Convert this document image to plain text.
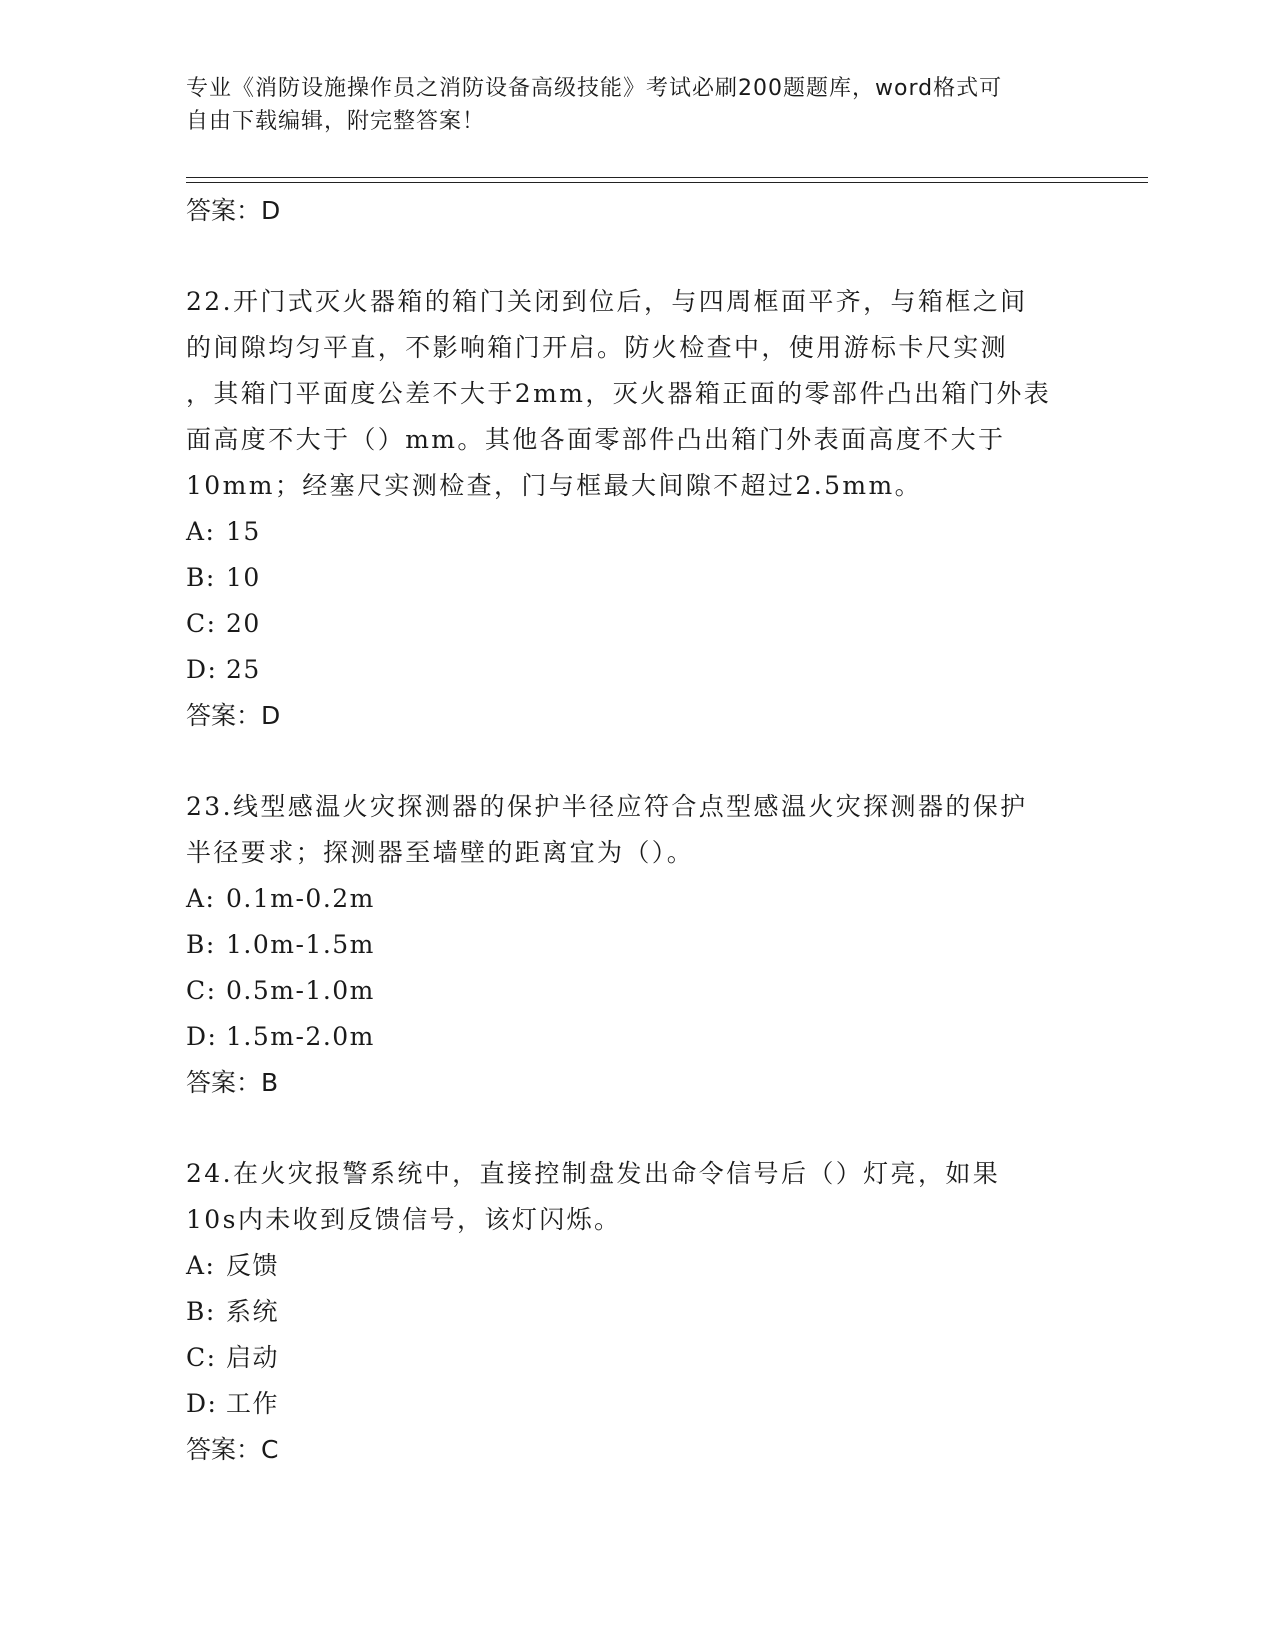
专业《消防设施操作员之消防设备高级技能》考试必刷200题题库，word格式可
自由下载编辑，附完整答案！
答案：D
22.开门式灭火器箱的箱门关闭到位后，与四周框面平齐，与箱框之间
的间隙均匀平直，不影响箱门开启。防火检查中，使用游标卡尺实测
，其箱门平面度公差不大于2mm，灭火器箱正面的零部件凸出箱门外表
面高度不大于（）mm。其他各面零部件凸出箱门外表面高度不大于
10mm；经塞尺实测检查，门与框最大间隙不超过2.5mm。
A: 15
B: 10
C: 20
D: 25
答案：D
23.线型感温火灾探测器的保护半径应符合点型感温火灾探测器的保护
半径要求；探测器至墙壁的距离宜为（）。
A: 0.1m-0.2m
B: 1.0m-1.5m
C: 0.5m-1.0m
D: 1.5m-2.0m
答案：B
24.在火灾报警系统中，直接控制盘发出命令信号后（）灯亮，如果
10s内未收到反馈信号，该灯闪烁。
A: 反馈
B: 系统
C: 启动
D: 工作
答案：C
